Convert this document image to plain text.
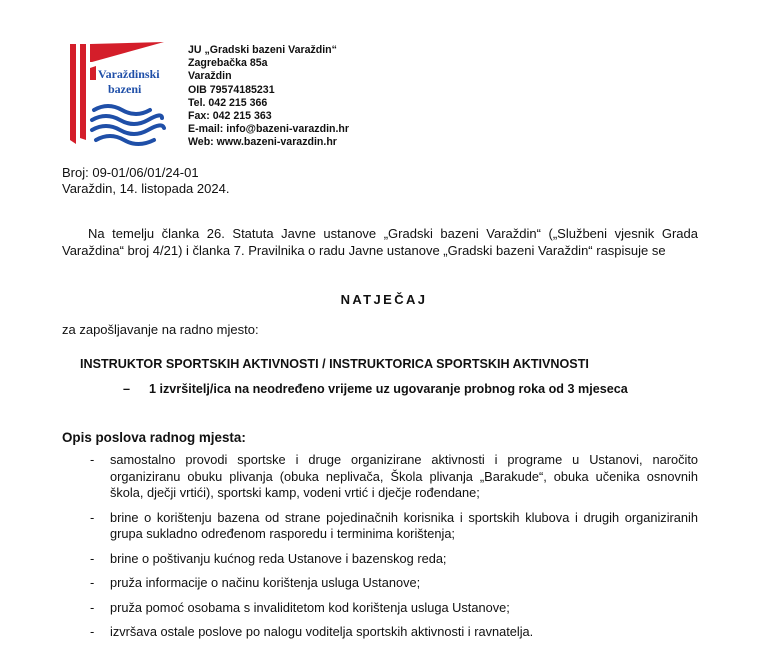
Varaždinski
bazeni
JU „Gradski bazeni Varaždin“
Zagrebačka 85a
Varaždin
OIB 79574185231
Tel. 042 215 366
Fax: 042 215 363
E-mail: info@bazeni-varazdin.hr
Web: www.bazeni-varazdin.hr
Broj: 09-01/06/01/24-01
Varaždin, 14. listopada 2024.
Na temelju članka 26. Statuta Javne ustanove „Gradski bazeni Varaždin“ („Službeni vjesnik Grada Varaždina“ broj 4/21) i članka 7. Pravilnika o radu Javne ustanove „Gradski bazeni Varaždin“ raspisuje se
NATJEČAJ
za zapošljavanje na radno mjesto:
INSTRUKTOR SPORTSKIH AKTIVNOSTI / INSTRUKTORICA SPORTSKIH AKTIVNOSTI
– 1 izvršitelj/ica na neodređeno vrijeme uz ugovaranje probnog roka od 3 mjeseca
Opis poslova radnog mjesta:
-	samostalno provodi sportske i druge organizirane aktivnosti i programe u Ustanovi, naročito organiziranu obuku plivanja (obuka neplivača, Škola plivanja „Barakude“, obuka učenika osnovnih škola, dječji vrtići), sportski kamp, vodeni vrtić i dječje rođendane;
-	brine o korištenju bazena od strane pojedinačnih korisnika i sportskih klubova i drugih organiziranih grupa sukladno određenom rasporedu i terminima korištenja;
-	brine o poštivanju kućnog reda Ustanove i bazenskog reda;
-	pruža informacije o načinu korištenja usluga Ustanove;
-	pruža pomoć osobama s invaliditetom kod korištenja usluga Ustanove;
-	izvršava ostale poslove po nalogu voditelja sportskih aktivnosti i ravnatelja.
